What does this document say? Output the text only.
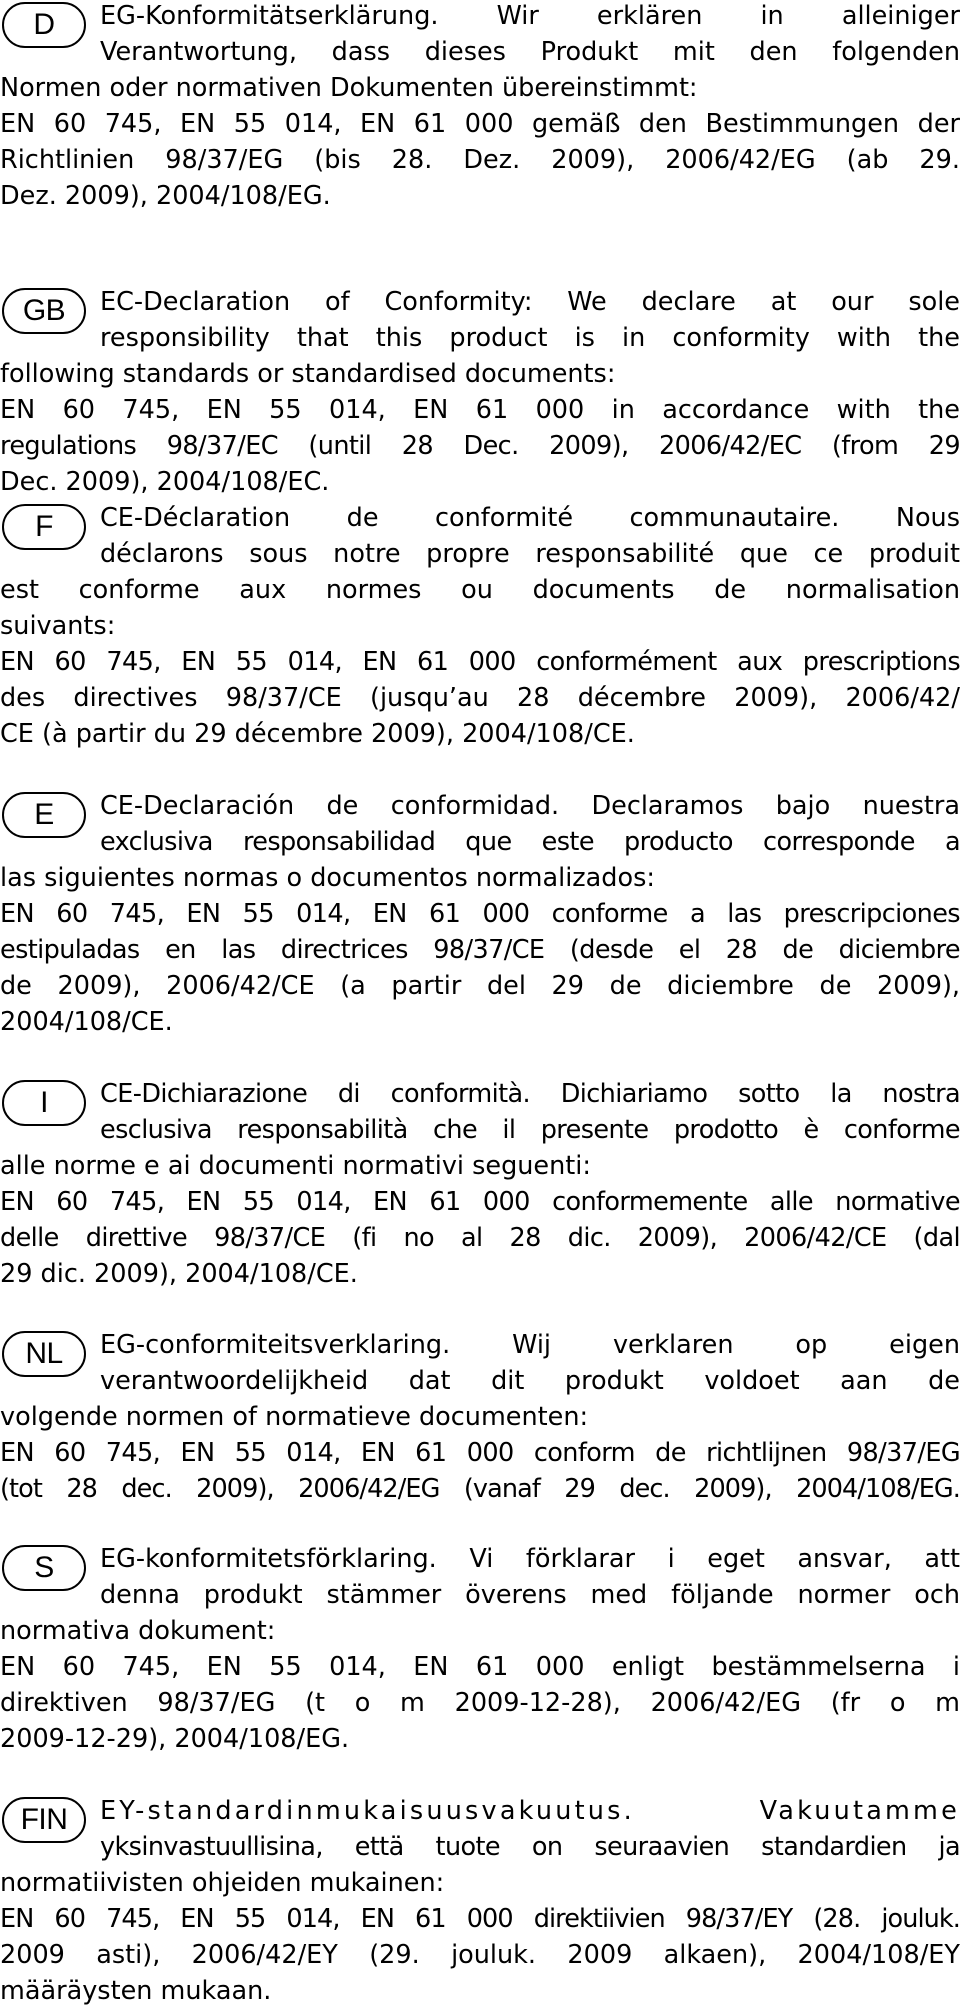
D	EG-Konformitätserklärung. Wir erklären in alleiniger
Verantwortung, dass dieses Produkt mit den folgenden
Normen oder normativen Dokumenten übereinstimmt:
EN 60 745, EN 55 014, EN 61 000 gemäß den Bestimmungen der
Richtlinien 98/37/EG (bis 28. Dez. 2009), 2006/42/EG (ab 29.
Dez. 2009), 2004/108/EG.
GB	EC-Declaration of Conformity: We declare at our sole
responsibility that this product is in conformity with the
following standards or standardised documents:
EN 60 745, EN 55 014, EN 61 000 in accordance with the
regulations 98/37/EC (until 28 Dec. 2009), 2006/42/EC (from 29
Dec. 2009), 2004/108/EC.
F	CE-Déclaration de conformité communautaire. Nous
déclarons sous notre propre responsabilité que ce produit
est conforme aux normes ou documents de normalisation
suivants:
EN 60 745, EN 55 014, EN 61 000 conformément aux prescriptions
des directives 98/37/CE (jusqu’au 28 décembre 2009), 2006/42/
CE (à partir du 29 décembre 2009), 2004/108/CE.
E	CE-Declaración de conformidad. Declaramos bajo nuestra
exclusiva responsabilidad que este producto corresponde a
las siguientes normas o documentos normalizados:
EN 60 745, EN 55 014, EN 61 000 conforme a las prescripciones
estipuladas en las directrices 98/37/CE (desde el 28 de diciembre
de 2009), 2006/42/CE (a partir del 29 de diciembre de 2009),
2004/108/CE.
I	CE-Dichiarazione di conformità. Dichiariamo sotto la nostra
esclusiva responsabilità che il presente prodotto è conforme
alle norme e ai documenti normativi seguenti:
EN 60 745, EN 55 014, EN 61 000 conformemente alle normative
delle direttive 98/37/CE (fi no al 28 dic. 2009), 2006/42/CE (dal
29 dic. 2009), 2004/108/CE.
NL	EG-conformiteitsverklaring. Wij verklaren op eigen
verantwoordelijkheid dat dit produkt voldoet aan de
volgende normen of normatieve documenten:
EN 60 745, EN 55 014, EN 61 000 conform de richtlijnen 98/37/EG
(tot 28 dec. 2009), 2006/42/EG (vanaf 29 dec. 2009), 2004/108/EG.
S	EG-konformitetsförklaring. Vi förklarar i eget ansvar, att
denna produkt stämmer överens med följande normer och
normativa dokument:
EN 60 745, EN 55 014, EN 61 000 enligt bestämmelserna i
direktiven 98/37/EG (t o m 2009-12-28), 2006/42/EG (fr o m
2009-12-29), 2004/108/EG.
FIN	EY-standardinmukaisuusvakuutus. Vakuutamme
yksinvastuullisina, että tuote on seuraavien standardien ja
normatiivisten ohjeiden mukainen:
EN 60 745, EN 55 014, EN 61 000 direktiivien 98/37/EY (28. jouluk.
2009 asti), 2006/42/EY (29. jouluk. 2009 alkaen), 2004/108/EY
määräysten mukaan.
